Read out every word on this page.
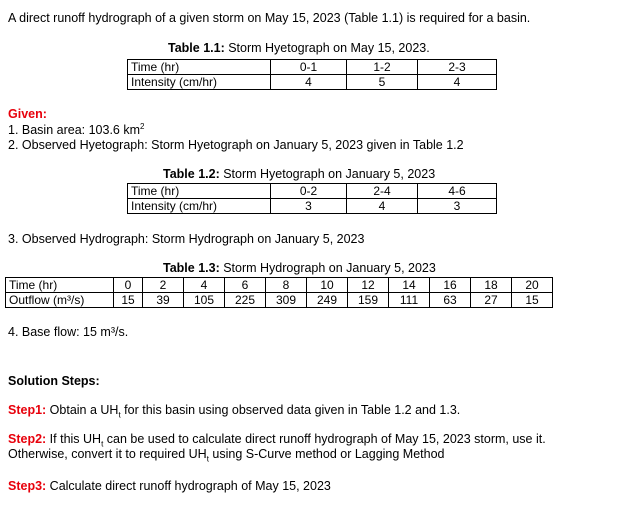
A direct runoff hydrograph of a given storm on May 15, 2023 (Table 1.1) is required for a basin.
Table 1.1: Storm Hyetograph on May 15, 2023.
Time (hr)	0-1	1-2	2-3
Intensity (cm/hr)	4	5	4
Given:
1. Basin area: 103.6 $km^2$
2. Observed Hyetograph: Storm Hyetograph on January 5, 2023 given in Table 1.2
Table 1.2: Storm Hyetograph on January 5, 2023
Time (hr)	0-2	2-4	4-6
Intensity (cm/hr)	3	4	3
3. Observed Hydrograph: Storm Hydrograph on January 5, 2023
Table 1.3: Storm Hydrograph on January 5, 2023
Time (hr)	0	2	4	6	8	10	12	14	16	18	20
Outflow (m³/s)	15	39	105	225	309	249	159	111	63	27	15
4. Base flow: 15 m³/s.
Solution Steps:
Step1: Obtain a $UH_t$ for this basin using observed data given in Table 1.2 and 1.3.
Step2: If this $UH_t$ can be used to calculate direct runoff hydrograph of May 15, 2023 storm, use it.
Otherwise, convert it to required $UH_t$ using S-Curve method or Lagging Method
Step3: Calculate direct runoff hydrograph of May 15, 2023
